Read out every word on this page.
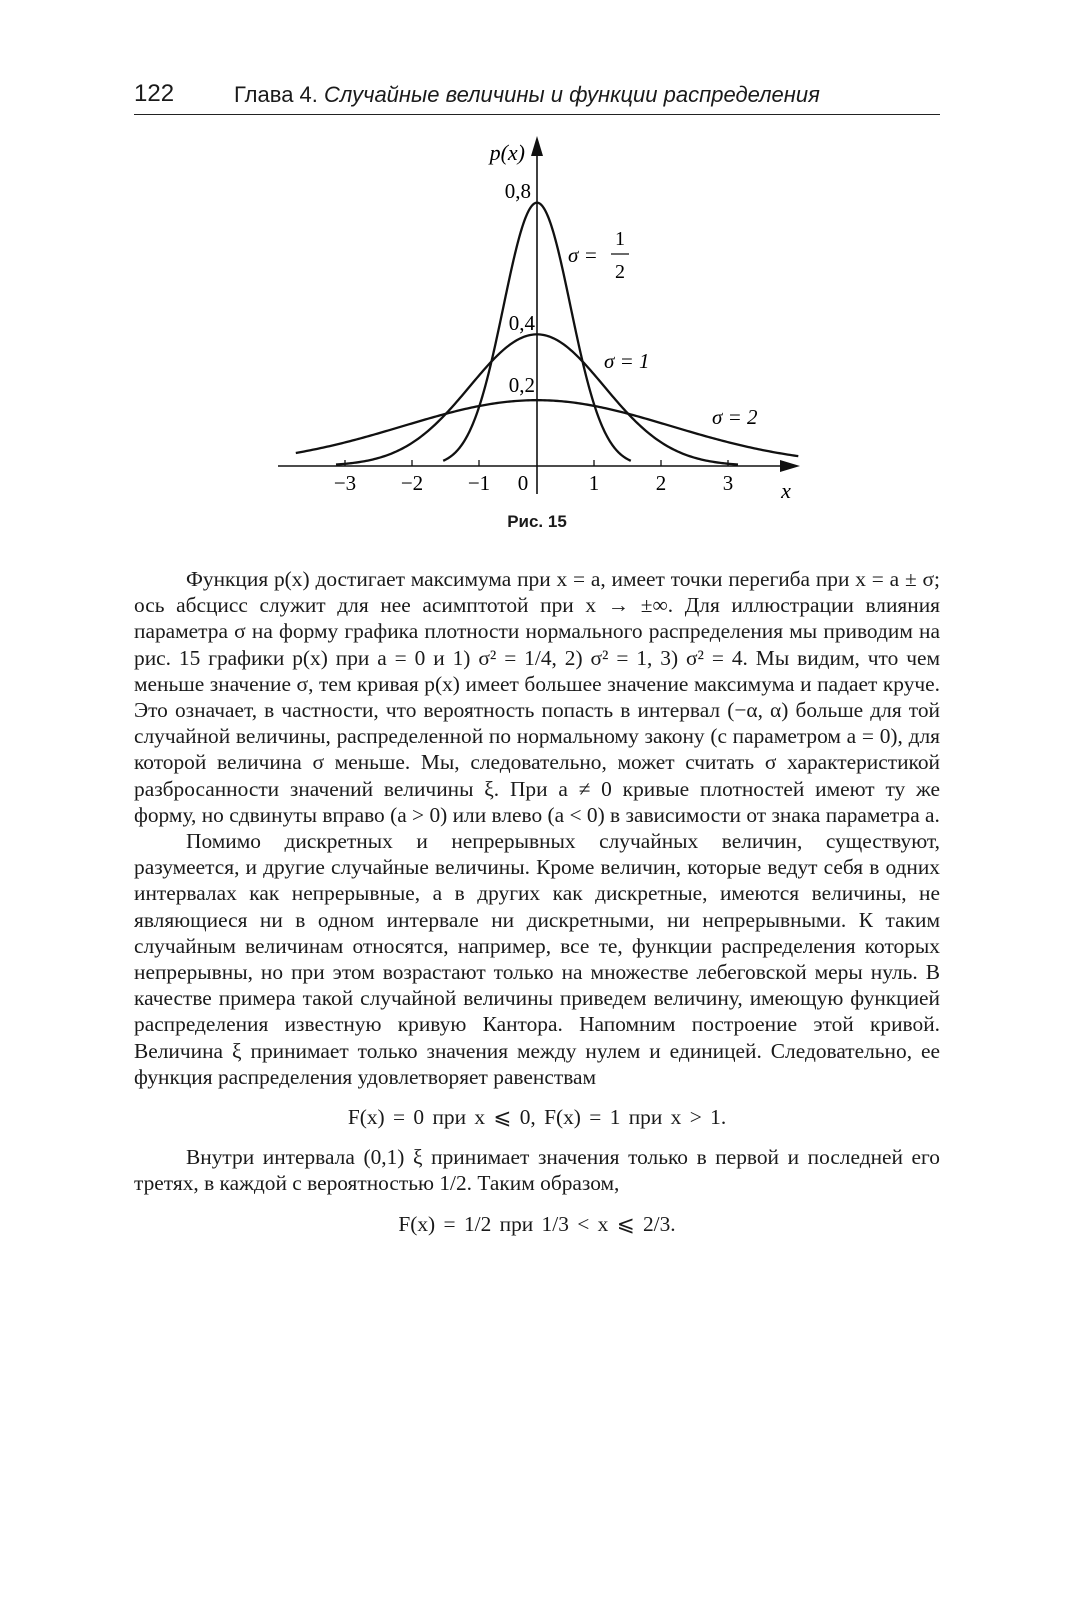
122	Глава 4. Случайные величины и функции распределения
0,8
0,4
0,2
p(x)
−3 −2 −1 0	1	2	3 x
σ =
1
2
σ = 1
σ = 2
Рис. 15

Функция p(x) достигает максимума при x = a, имеет точки перегиба при x = a ± σ; ось абсцисс служит для нее асимптотой при x → ±∞. Для иллюстрации влияния параметра σ на форму графика плотности нормального распределения мы приводим на рис. 15 графики p(x) при a = 0 и 1) σ² = 1/4, 2) σ² = 1, 3) σ² = 4. Мы видим, что чем меньше значение σ, тем кривая p(x) имеет большее значение максимума и падает круче. Это означает, в частности, что вероятность попасть в интервал (−α, α) больше для той случайной величины, распределенной по нормальному закону (с параметром a = 0), для которой величина σ меньше. Мы, следовательно, может считать σ характеристикой разбросанности значений величины ξ. При a ≠ 0 кривые плотностей имеют ту же форму, но сдвинуты вправо (a > 0) или влево (a < 0) в зависимости от знака параметра a.

Помимо дискретных и непрерывных случайных величин, существуют, разумеется, и другие случайные величины. Кроме величин, которые ведут себя в одних интервалах как непрерывные, а в других как дискретные, имеются величины, не являющиеся ни в одном интервале ни дискретными, ни непрерывными. К таким случайным величинам относятся, например, все те, функции распределения которых непрерывны, но при этом возрастают только на множестве лебеговской меры нуль. В качестве примера такой случайной величины приведем величину, имеющую функцией распределения известную кривую Кантора. Напомним построение этой кривой. Величина ξ принимает только значения между нулем и единицей. Следовательно, ее функция распределения удовлетворяет равенствам

F(x) = 0 при x ⩽ 0, F(x) = 1 при x > 1.

Внутри интервала (0,1) ξ принимает значения только в первой и последней его третях, в каждой с вероятностью 1/2. Таким образом,

F(x) = 1/2 при 1/3 < x ⩽ 2/3.
